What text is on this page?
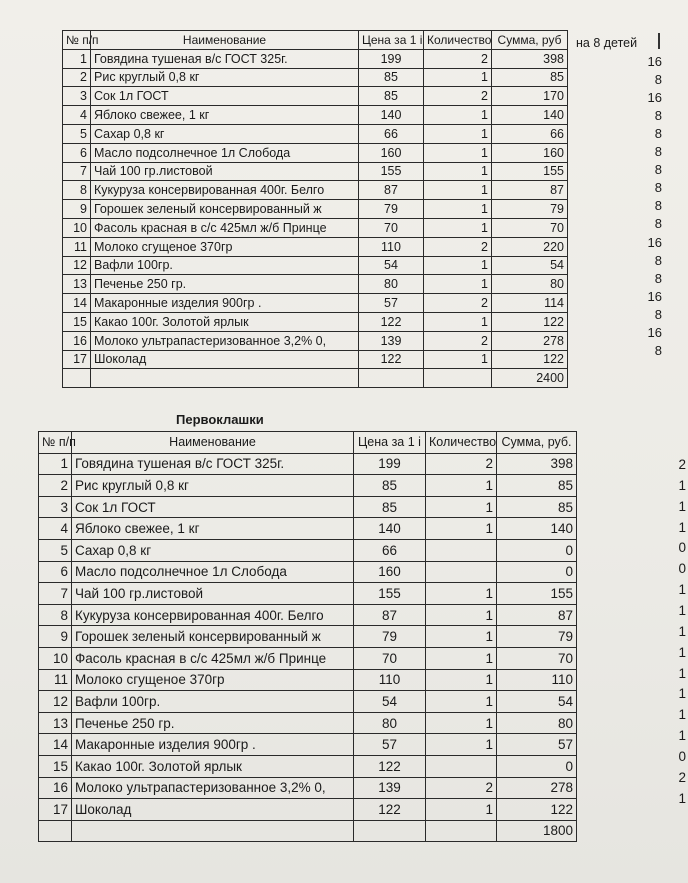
№ п/п	Наименование	Цена за 1 і	Количество	Сумма, руб
1	Говядина тушеная в/с ГОСТ 325г.	199	2	398
2	Рис круглый 0,8 кг	85	1	85
3	Сок 1л ГОСТ	85	2	170
4	Яблоко свежее, 1 кг	140	1	140
5	Сахар 0,8 кг	66	1	66
6	Масло подсолнечное 1л Слобода	160	1	160
7	Чай 100 гр.листовой	155	1	155
8	Кукуруза консервированная 400г. Белго	87	1	87
9	Горошек зеленый консервированный ж	79	1	79
10	Фасоль красная в с/с 425мл ж/б Принце	70	1	70
11	Молоко сгущеное 370гр	110	2	220
12	Вафли 100гр.	54	1	54
13	Печенье 250 гр.	80	1	80
14	Макаронные изделия 900гр .	57	2	114
15	Какао 100г. Золотой ярлык	122	1	122
16	Молоко ультрапастеризованное 3,2% 0,	139	2	278
17	Шоколад	122	1	122
				2400
на 8 детей
16
8
16
8
8
8
8
8
8
8
16
8
8
16
8
16
8
Первоклашки
№ п/п	Наименование	Цена за 1 і	Количество	Сумма, руб.
1	Говядина тушеная в/с ГОСТ 325г.	199	2	398
2	Рис круглый 0,8 кг	85	1	85
3	Сок 1л ГОСТ	85	1	85
4	Яблоко свежее, 1 кг	140	1	140
5	Сахар 0,8 кг	66		0
6	Масло подсолнечное 1л Слобода	160		0
7	Чай 100 гр.листовой	155	1	155
8	Кукуруза консервированная 400г. Белго	87	1	87
9	Горошек зеленый консервированный ж	79	1	79
10	Фасоль красная в с/с 425мл ж/б Принце	70	1	70
11	Молоко сгущеное 370гр	110	1	110
12	Вафли 100гр.	54	1	54
13	Печенье 250 гр.	80	1	80
14	Макаронные изделия 900гр .	57	1	57
15	Какао 100г. Золотой ярлык	122		0
16	Молоко ультрапастеризованное 3,2% 0,	139	2	278
17	Шоколад	122	1	122
				1800
2
1
1
1
0
0
1
1
1
1
1
1
1
1
0
2
1
